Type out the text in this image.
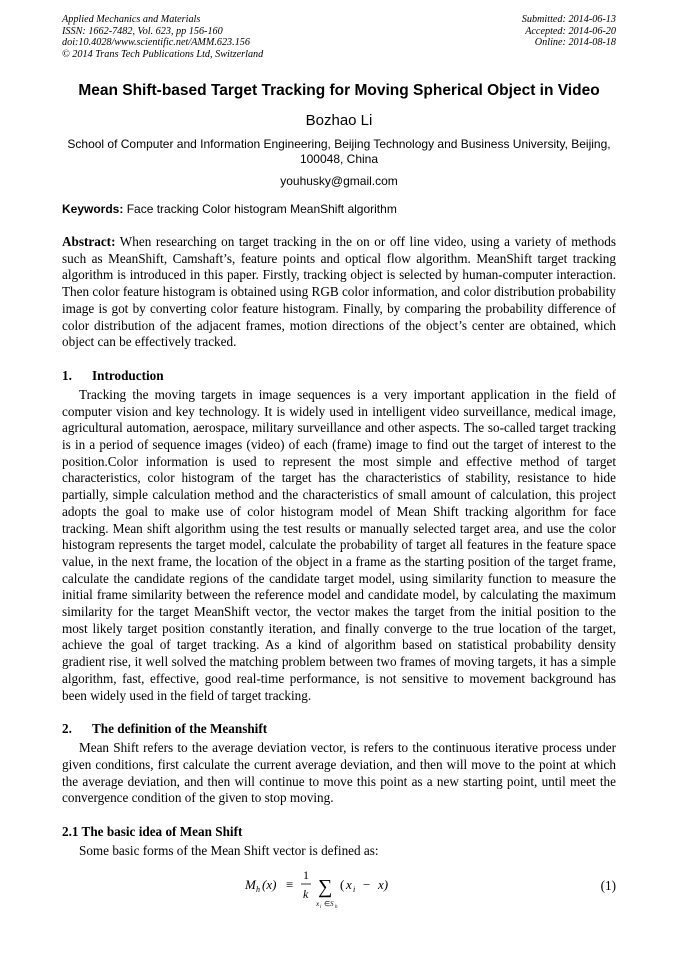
Applied Mechanics and Materials
ISSN: 1662-7482, Vol. 623, pp 156-160
doi:10.4028/www.scientific.net/AMM.623.156
© 2014 Trans Tech Publications Ltd, Switzerland
Submitted: 2014-06-13
Accepted: 2014-06-20
Online: 2014-08-18
Mean Shift-based Target Tracking for Moving Spherical Object in Video
Bozhao Li
School of Computer and Information Engineering, Beijing Technology and Business University, Beijing, 100048, China
youhusky@gmail.com
Keywords: Face tracking Color histogram MeanShift algorithm
Abstract: When researching on target tracking in the on or off line video, using a variety of methods such as MeanShift, Camshaft’s, feature points and optical flow algorithm. MeanShift target tracking algorithm is introduced in this paper. Firstly, tracking object is selected by human-computer interaction. Then color feature histogram is obtained using RGB color information, and color distribution probability image is got by converting color feature histogram. Finally, by comparing the probability difference of color distribution of the adjacent frames, motion directions of the object’s center are obtained, which object can be effectively tracked.
1. Introduction
Tracking the moving targets in image sequences is a very important application in the field of computer vision and key technology. It is widely used in intelligent video surveillance, medical image, agricultural automation, aerospace, military surveillance and other aspects. The so-called target tracking is in a period of sequence images (video) of each (frame) image to find out the target of interest to the position.Color information is used to represent the most simple and effective method of target characteristics, color histogram of the target has the characteristics of stability, resistance to hide partially, simple calculation method and the characteristics of small amount of calculation, this project adopts the goal to make use of color histogram model of Mean Shift tracking algorithm for face tracking. Mean shift algorithm using the test results or manually selected target area, and use the color histogram represents the target model, calculate the probability of target all features in the feature space value, in the next frame, the location of the object in a frame as the starting position of the target frame, calculate the candidate regions of the candidate target model, using similarity function to measure the initial frame similarity between the reference model and candidate model, by calculating the maximum similarity for the target MeanShift vector, the vector makes the target from the initial position to the most likely target position constantly iteration, and finally converge to the true location of the target, achieve the goal of target tracking. As a kind of algorithm based on statistical probability density gradient rise, it well solved the matching problem between two frames of moving targets, it has a simple algorithm, fast, effective, good real-time performance, is not sensitive to movement background has been widely used in the field of target tracking.
2. The definition of the Meanshift
Mean Shift refers to the average deviation vector, is refers to the continuous iterative process under given conditions, first calculate the current average deviation, and then will move to the point at which the average deviation, and then will continue to move this point as a new starting point, until meet the convergence condition of the given to stop moving.
2.1 The basic idea of Mean Shift
Some basic forms of the Mean Shift vector is defined as:
M h (x) ≡
1
k ∑
x i ∈ S h
( x i − x)	(1)
